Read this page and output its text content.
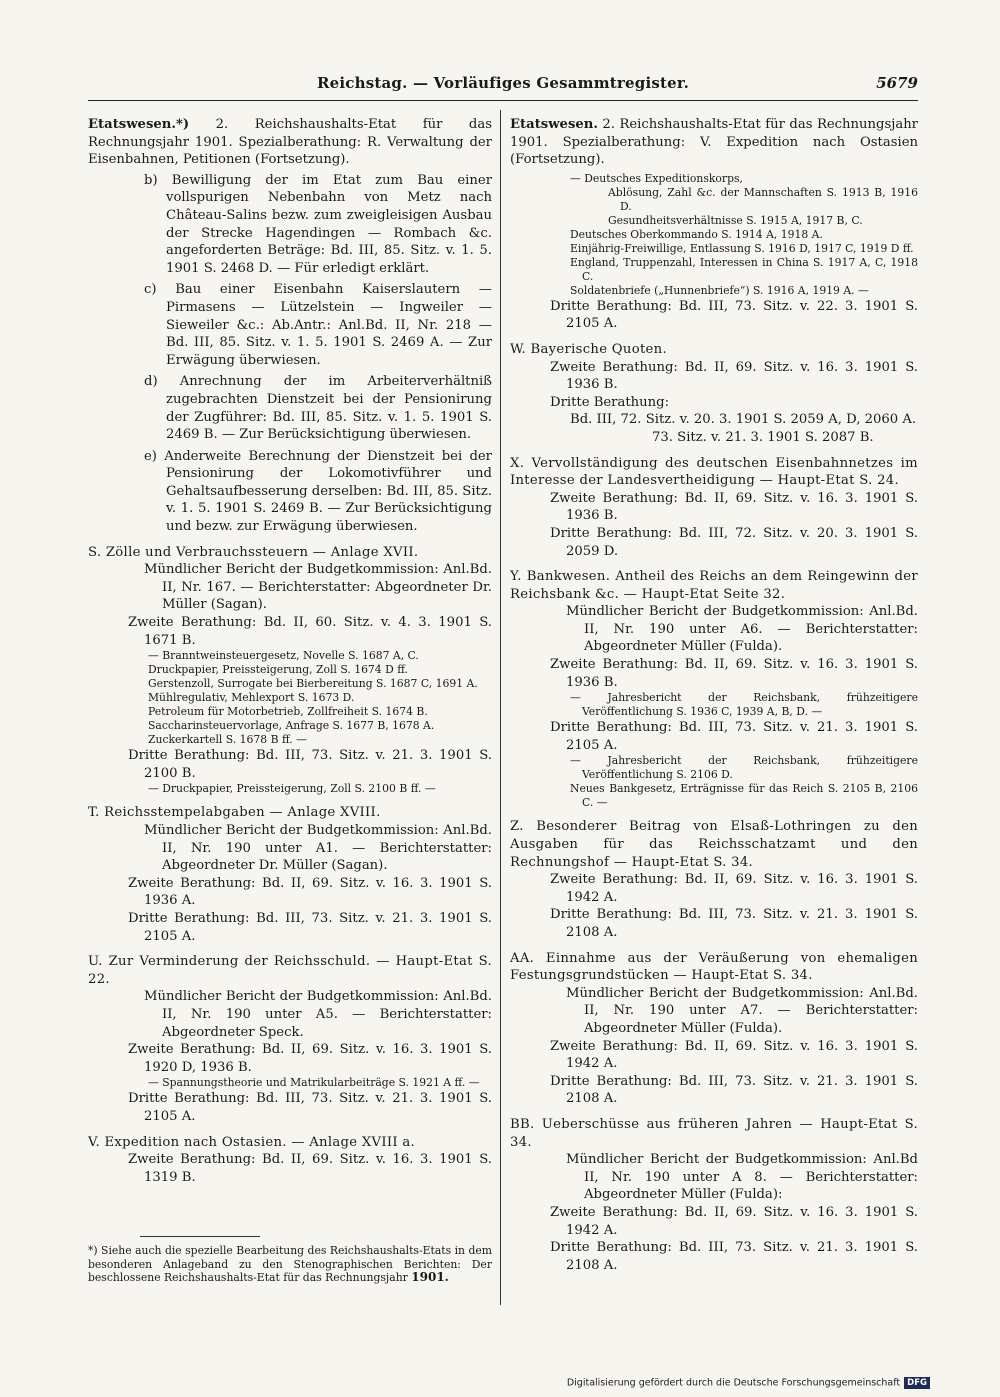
Reichstag. — Vorläufiges Gesammtregister.	5679
Etatswesen.*) 2. Reichshaushalts-Etat für das Rechnungsjahr 1901. Spezialberathung: R. Verwaltung der Eisenbahnen, Petitionen (Fortsetzung).
b) Bewilligung der im Etat zum Bau einer vollspurigen Nebenbahn von Metz nach Château-Salins bezw. zum zweigleisigen Ausbau der Strecke Hagendingen — Rombach &c. angeforderten Beträge: Bd. III, 85. Sitz. v. 1. 5. 1901 S. 2468 D. — Für erledigt erklärt.
c) Bau einer Eisenbahn Kaiserslautern — Pirmasens — Lützelstein — Ingweiler — Sieweiler &c.: Ab.Antr.: Anl.Bd. II, Nr. 218 — Bd. III, 85. Sitz. v. 1. 5. 1901 S. 2469 A. — Zur Erwägung überwiesen.
d) Anrechnung der im Arbeiterverhältniß zugebrachten Dienstzeit bei der Pensionirung der Zugführer: Bd. III, 85. Sitz. v. 1. 5. 1901 S. 2469 B. — Zur Berücksichtigung überwiesen.
e) Anderweite Berechnung der Dienstzeit bei der Pensionirung der Lokomotivführer und Gehaltsaufbesserung derselben: Bd. III, 85. Sitz. v. 1. 5. 1901 S. 2469 B. — Zur Berücksichtigung und bezw. zur Erwägung überwiesen.
S. Zölle und Verbrauchssteuern — Anlage XVII.
Mündlicher Bericht der Budgetkommission: Anl.Bd. II, Nr. 167. — Berichterstatter: Abgeordneter Dr. Müller (Sagan).
Zweite Berathung: Bd. II, 60. Sitz. v. 4. 3. 1901 S. 1671 B.
— Branntweinsteuergesetz, Novelle S. 1687 A, C.
Druckpapier, Preissteigerung, Zoll S. 1674 D ff.
Gerstenzoll, Surrogate bei Bierbereitung S. 1687 C, 1691 A.
Mühlregulativ, Mehlexport S. 1673 D.
Petroleum für Motorbetrieb, Zollfreiheit S. 1674 B.
Saccharinsteuervorlage, Anfrage S. 1677 B, 1678 A.
Zuckerkartell S. 1678 B ff. —
Dritte Berathung: Bd. III, 73. Sitz. v. 21. 3. 1901 S. 2100 B.
— Druckpapier, Preissteigerung, Zoll S. 2100 B ff. —
T. Reichsstempelabgaben — Anlage XVIII.
Mündlicher Bericht der Budgetkommission: Anl.Bd. II, Nr. 190 unter A1. — Berichterstatter: Abgeordneter Dr. Müller (Sagan).
Zweite Berathung: Bd. II, 69. Sitz. v. 16. 3. 1901 S. 1936 A.
Dritte Berathung: Bd. III, 73. Sitz. v. 21. 3. 1901 S. 2105 A.
U. Zur Verminderung der Reichsschuld. — Haupt-Etat S. 22.
Mündlicher Bericht der Budgetkommission: Anl.Bd. II, Nr. 190 unter A5. — Berichterstatter: Abgeordneter Speck.
Zweite Berathung: Bd. II, 69. Sitz. v. 16. 3. 1901 S. 1920 D, 1936 B.
— Spannungstheorie und Matrikularbeiträge S. 1921 A ff. —
Dritte Berathung: Bd. III, 73. Sitz. v. 21. 3. 1901 S. 2105 A.
V. Expedition nach Ostasien. — Anlage XVIII a.
Zweite Berathung: Bd. II, 69. Sitz. v. 16. 3. 1901 S. 1319 B.
Etatswesen. 2. Reichshaushalts-Etat für das Rechnungsjahr 1901. Spezialberathung: V. Expedition nach Ostasien (Fortsetzung).
— Deutsches Expeditionskorps,
Ablösung, Zahl &c. der Mannschaften S. 1913 B, 1916 D.
Gesundheitsverhältnisse S. 1915 A, 1917 B, C.
Deutsches Oberkommando S. 1914 A, 1918 A.
Einjährig-Freiwillige, Entlassung S. 1916 D, 1917 C, 1919 D ff.
England, Truppenzahl, Interessen in China S. 1917 A, C, 1918 C.
Soldatenbriefe („Hunnenbriefe“) S. 1916 A, 1919 A. —
Dritte Berathung: Bd. III, 73. Sitz. v. 22. 3. 1901 S. 2105 A.
W. Bayerische Quoten.
Zweite Berathung: Bd. II, 69. Sitz. v. 16. 3. 1901 S. 1936 B.
Dritte Berathung:
Bd. III, 72. Sitz. v. 20. 3. 1901 S. 2059 A, D, 2060 A.
73. Sitz. v. 21. 3. 1901 S. 2087 B.
X. Vervollständigung des deutschen Eisenbahnnetzes im Interesse der Landesvertheidigung — Haupt-Etat S. 24.
Zweite Berathung: Bd. II, 69. Sitz. v. 16. 3. 1901 S. 1936 B.
Dritte Berathung: Bd. III, 72. Sitz. v. 20. 3. 1901 S. 2059 D.
Y. Bankwesen. Antheil des Reichs an dem Reingewinn der Reichsbank &c. — Haupt-Etat Seite 32.
Mündlicher Bericht der Budgetkommission: Anl.Bd. II, Nr. 190 unter A6. — Berichterstatter: Abgeordneter Müller (Fulda).
Zweite Berathung: Bd. II, 69. Sitz. v. 16. 3. 1901 S. 1936 B.
— Jahresbericht der Reichsbank, frühzeitigere Veröffentlichung S. 1936 C, 1939 A, B, D. —
Dritte Berathung: Bd. III, 73. Sitz. v. 21. 3. 1901 S. 2105 A.
— Jahresbericht der Reichsbank, frühzeitigere Veröffentlichung S. 2106 D.
Neues Bankgesetz, Erträgnisse für das Reich S. 2105 B, 2106 C. —
Z. Besonderer Beitrag von Elsaß-Lothringen zu den Ausgaben für das Reichsschatzamt und den Rechnungshof — Haupt-Etat S. 34.
Zweite Berathung: Bd. II, 69. Sitz. v. 16. 3. 1901 S. 1942 A.
Dritte Berathung: Bd. III, 73. Sitz. v. 21. 3. 1901 S. 2108 A.
AA. Einnahme aus der Veräußerung von ehemaligen Festungsgrundstücken — Haupt-Etat S. 34.
Mündlicher Bericht der Budgetkommission: Anl.Bd. II, Nr. 190 unter A7. — Berichterstatter: Abgeordneter Müller (Fulda).
Zweite Berathung: Bd. II, 69. Sitz. v. 16. 3. 1901 S. 1942 A.
Dritte Berathung: Bd. III, 73. Sitz. v. 21. 3. 1901 S. 2108 A.
BB. Ueberschüsse aus früheren Jahren — Haupt-Etat S. 34.
Mündlicher Bericht der Budgetkommission: Anl.Bd II, Nr. 190 unter A 8. — Berichterstatter: Abgeordneter Müller (Fulda):
Zweite Berathung: Bd. II, 69. Sitz. v. 16. 3. 1901 S. 1942 A.
Dritte Berathung: Bd. III, 73. Sitz. v. 21. 3. 1901 S. 2108 A.
*) Siehe auch die spezielle Bearbeitung des Reichshaushalts-Etats in dem besonderen Anlageband zu den Stenographischen Berichten: Der beschlossene Reichshaushalts-Etat für das Rechnungsjahr 1901.
Digitalisierung gefördert durch die Deutsche Forschungsgemeinschaft DFG
